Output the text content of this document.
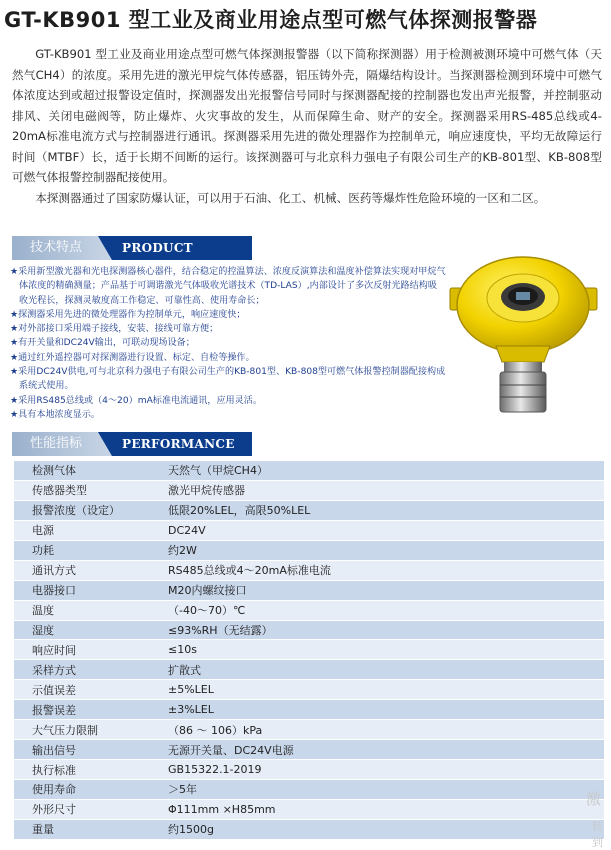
GT-KB901 型工业及商业用途点型可燃气体探测报警器

GT-KB901 型工业及商业用途点型可燃气体探测报警器（以下简称探测器）用于检测被测环境中可燃气体（天然气CH4）的浓度。采用先进的激光甲烷气体传感器，铝压铸外壳，隔爆结构设计。当探测器检测到环境中可燃气体浓度达到或超过报警设定值时，探测器发出光报警信号同时与探测器配接的控制器也发出声光报警，并控制驱动排风、关闭电磁阀等，防止爆炸、火灾事故的发生，从而保障生命、财产的安全。探测器采用RS-485总线或4-20mA标准电流方式与控制器进行通讯。探测器采用先进的微处理器作为控制单元，响应速度快，平均无故障运行时间（MTBF）长，适于长期不间断的运行。该探测器可与北京科力强电子有限公司生产的KB-801型、KB-808型可燃气体报警控制器配接使用。

本探测器通过了国家防爆认证，可以用于石油、化工、机械、医药等爆炸性危险环境的一区和二区。

技术特点	PRODUCT
★采用新型激光器和光电探测器核心器件，结合稳定的控温算法、浓度反演算法和温度补偿算法实现对甲烷气体浓度的精确测量；产品基于可调谐激光气体吸收光谱技术（TD-LAS）,内部设计了多次反射光路结构吸收光程长，探测灵敏度高工作稳定、可靠性高、使用寿命长；
★探测器采用先进的微处理器作为控制单元，响应速度快；
★对外部接口采用端子接线，安装、接线可靠方便；
★有开关量和DC24V输出，可联动现场设备；
★通过红外遥控器可对探测器进行设置、标定、自检等操作。
★采用DC24V供电,可与北京科力强电子有限公司生产的KB-801型、KB-808型可燃气体报警控制器配接构成系统式使用。
★采用RS485总线或（4～20）mA标准电流通讯，应用灵活。
★具有本地浓度显示。
性能指标	PERFORMANCE
检测气体	天然气（甲烷CH4）
传感器类型	激光甲烷传感器
报警浓度（设定）	低限20%LEL，高限50%LEL
电源	DC24V
功耗	约2W
通讯方式	RS485总线或4～20mA标准电流
电器接口	M20内螺纹接口
温度	（-40～70）℃
湿度	≤93%RH（无结露）
响应时间	≤10s
采样方式	扩散式
示值误差	±5%LEL
报警误差	±3%LEL
大气压力限制	（86 ～ 106）kPa
输出信号	无源开关量、DC24V电源
执行标准	GB15322.1-2019
使用寿命	＞5年
外形尺寸	Φ111mm ×H85mm
重量	约1500g
激
转到
